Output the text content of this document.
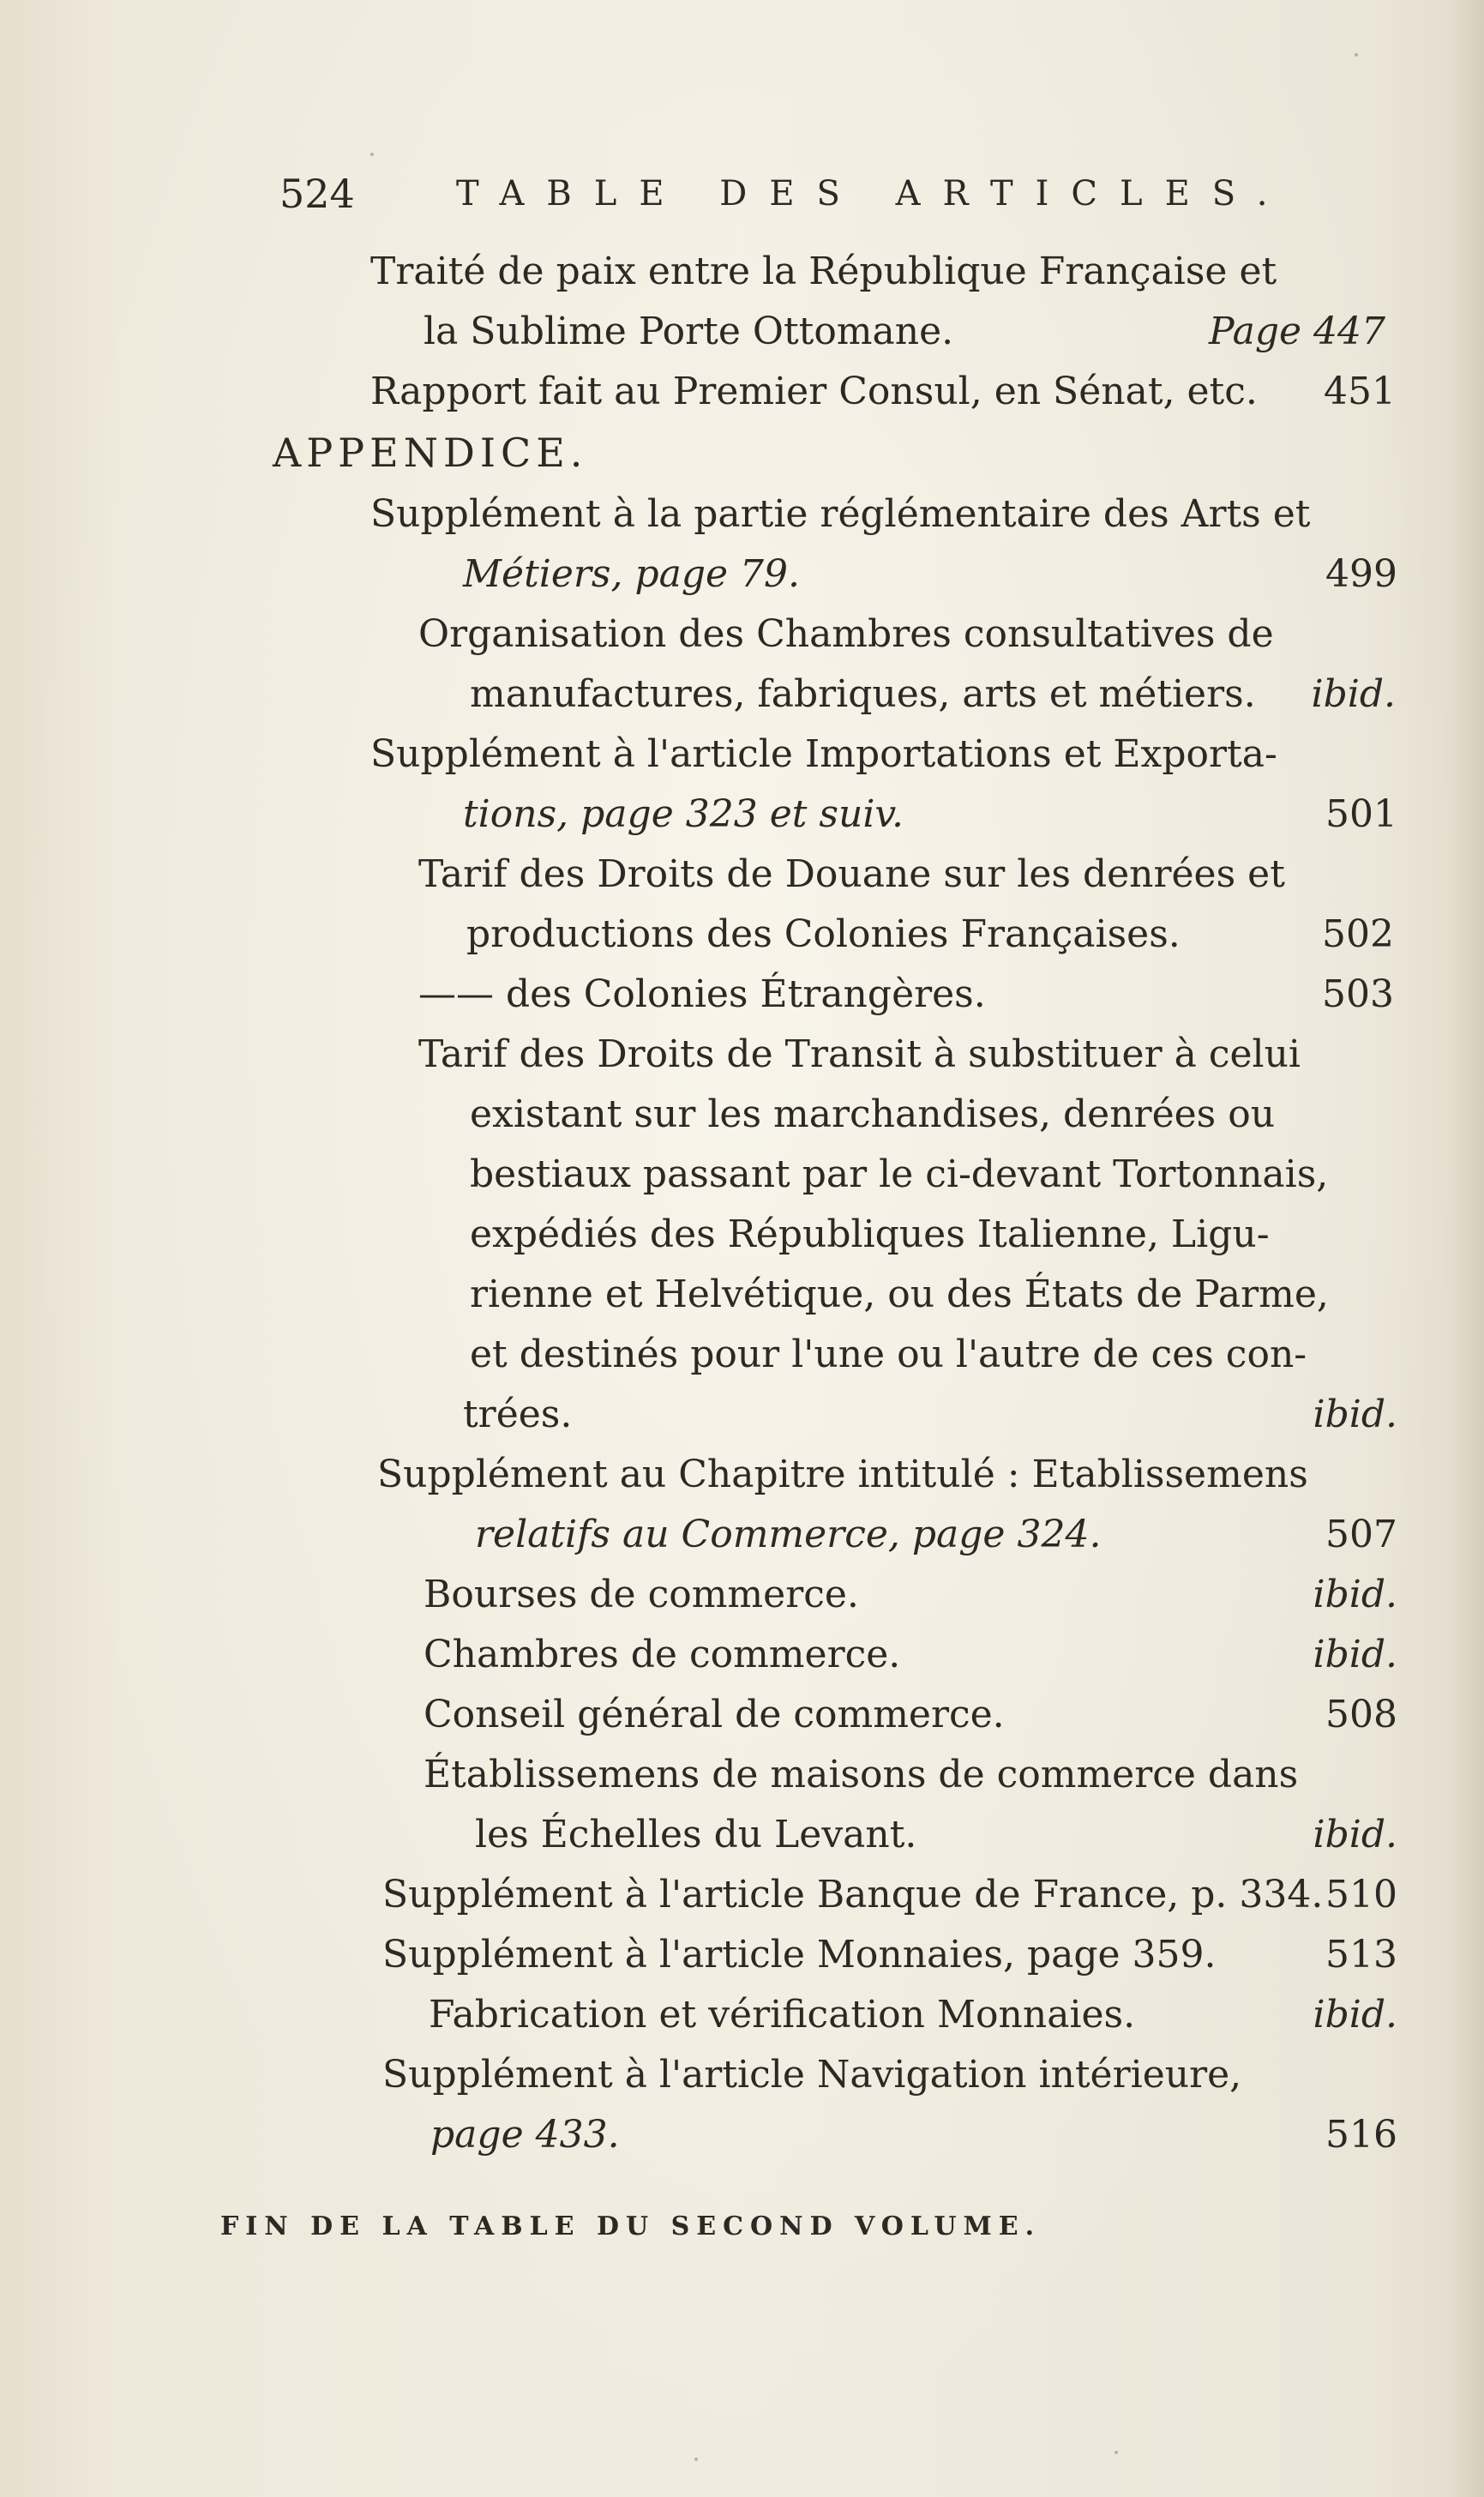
524	TABLE DES ARTICLES.
Traité de paix entre la République Française et
la Sublime Porte Ottomane.	Page 447
Rapport fait au Premier Consul, en Sénat, etc. 451
APPENDICE.
Supplément à la partie réglémentaire des Arts et
Métiers, page 79.	499
Organisation des Chambres consultatives de
manufactures, fabriques, arts et métiers. ibid.
Supplément à l'article Importations et Exporta-
tions, page 323 et suiv.	501
Tarif des Droits de Douane sur les denrées et
productions des Colonies Françaises.	502
—— des Colonies Étrangères.	503
Tarif des Droits de Transit à substituer à celui
existant sur les marchandises, denrées ou
bestiaux passant par le ci-devant Tortonnais,
expédiés des Républiques Italienne, Ligu-
rienne et Helvétique, ou des États de Parme,
et destinés pour l'une ou l'autre de ces con-
trées.	ibid.
Supplément au Chapitre intitulé : Etablissemens
relatifs au Commerce, page 324.	507
Bourses de commerce.	ibid.
Chambres de commerce.	ibid.
Conseil général de commerce.	508
Établissemens de maisons de commerce dans
les Échelles du Levant.	ibid.
Supplément à l'article Banque de France, p. 334. 510
Supplément à l'article Monnaies, page 359.	513
Fabrication et vérification Monnaies.	ibid.
Supplément à l'article Navigation intérieure,
page 433.	516
FIN DE LA TABLE DU SECOND VOLUME.
